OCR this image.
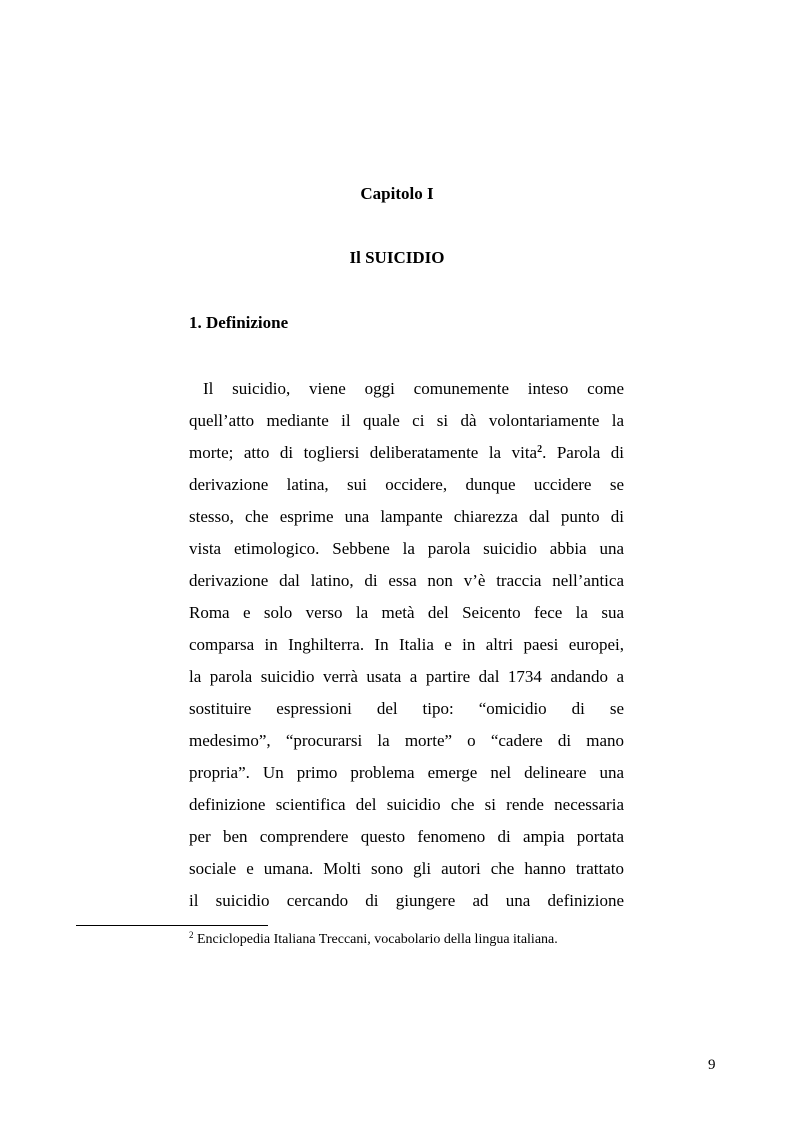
Capitolo I
Il SUICIDIO
1. Definizione
Il suicidio, viene oggi comunemente inteso come
quell’atto mediante il quale ci si dà volontariamente la
morte; atto di togliersi deliberatamente la vita$^2$. Parola di
derivazione latina, sui occidere, dunque uccidere se
stesso, che esprime una lampante chiarezza dal punto di
vista etimologico. Sebbene la parola suicidio abbia una
derivazione dal latino, di essa non v’è traccia nell’antica
Roma e solo verso la metà del Seicento fece la sua
comparsa in Inghilterra. In Italia e in altri paesi europei,
la parola suicidio verrà usata a partire dal 1734 andando a
sostituire espressioni del tipo: “omicidio di se
medesimo”, “procurarsi la morte” o “cadere di mano
propria”. Un primo problema emerge nel delineare una
definizione scientifica del suicidio che si rende necessaria
per ben comprendere questo fenomeno di ampia portata
sociale e umana. Molti sono gli autori che hanno trattato
il suicidio cercando di giungere ad una definizione

$^2$ Enciclopedia Italiana Treccani, vocabolario della lingua italiana.

9
